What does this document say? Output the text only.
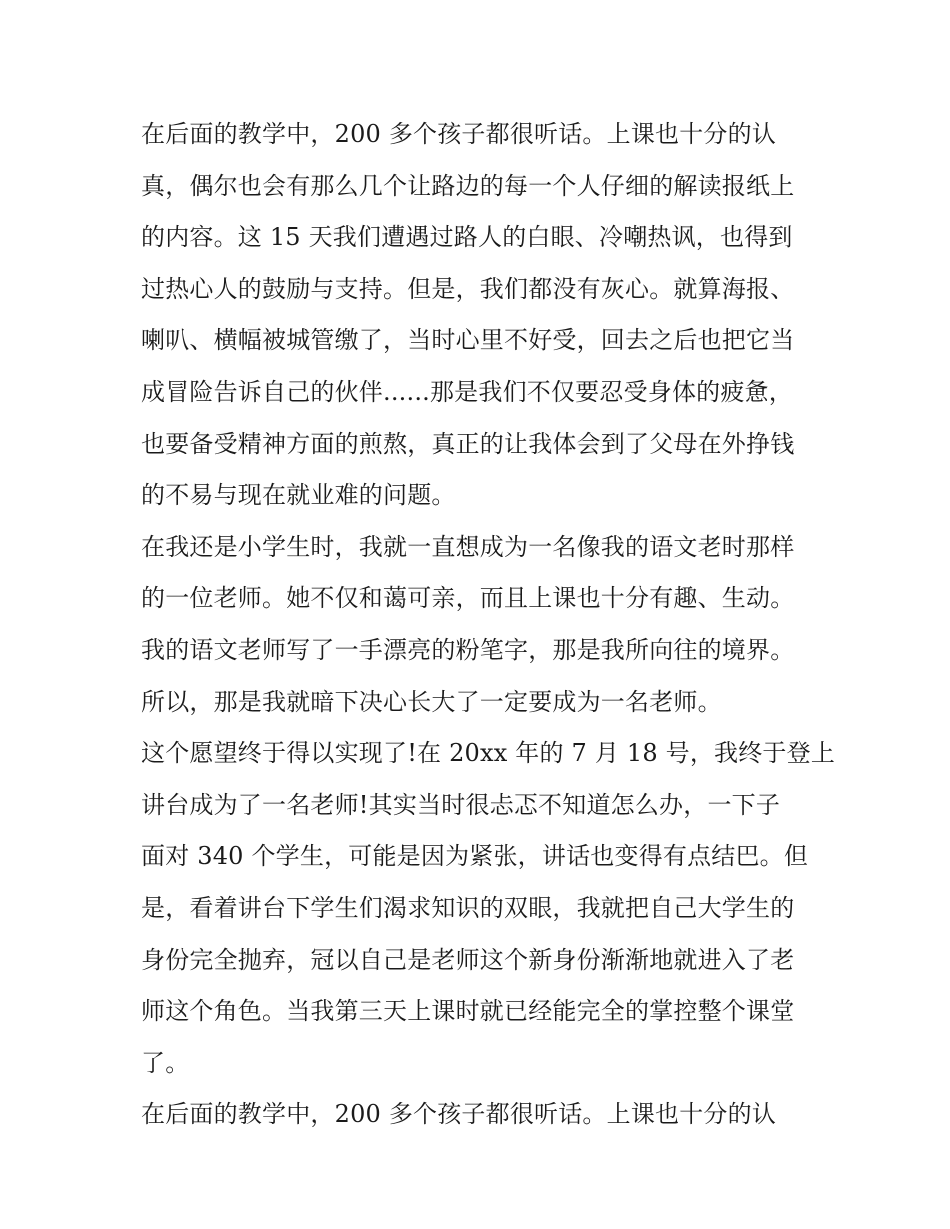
在后面的教学中，200 多个孩子都很听话。上课也十分的认
真，偶尔也会有那么几个让路边的每一个人仔细的解读报纸上
的内容。这 15 天我们遭遇过路人的白眼、冷嘲热讽，也得到
过热心人的鼓励与支持。但是，我们都没有灰心。就算海报、
喇叭、横幅被城管缴了，当时心里不好受，回去之后也把它当
成冒险告诉自己的伙伴......那是我们不仅要忍受身体的疲惫，
也要备受精神方面的煎熬，真正的让我体会到了父母在外挣钱
的不易与现在就业难的问题。
在我还是小学生时，我就一直想成为一名像我的语文老时那样
的一位老师。她不仅和蔼可亲，而且上课也十分有趣、生动。
我的语文老师写了一手漂亮的粉笔字，那是我所向往的境界。
所以，那是我就暗下决心长大了一定要成为一名老师。
这个愿望终于得以实现了!在 20xx 年的 7 月 18 号，我终于登上
讲台成为了一名老师!其实当时很忐忑不知道怎么办，一下子
面对 340 个学生，可能是因为紧张，讲话也变得有点结巴。但
是，看着讲台下学生们渴求知识的双眼，我就把自己大学生的
身份完全抛弃，冠以自己是老师这个新身份渐渐地就进入了老
师这个角色。当我第三天上课时就已经能完全的掌控整个课堂
了。
在后面的教学中，200 多个孩子都很听话。上课也十分的认
